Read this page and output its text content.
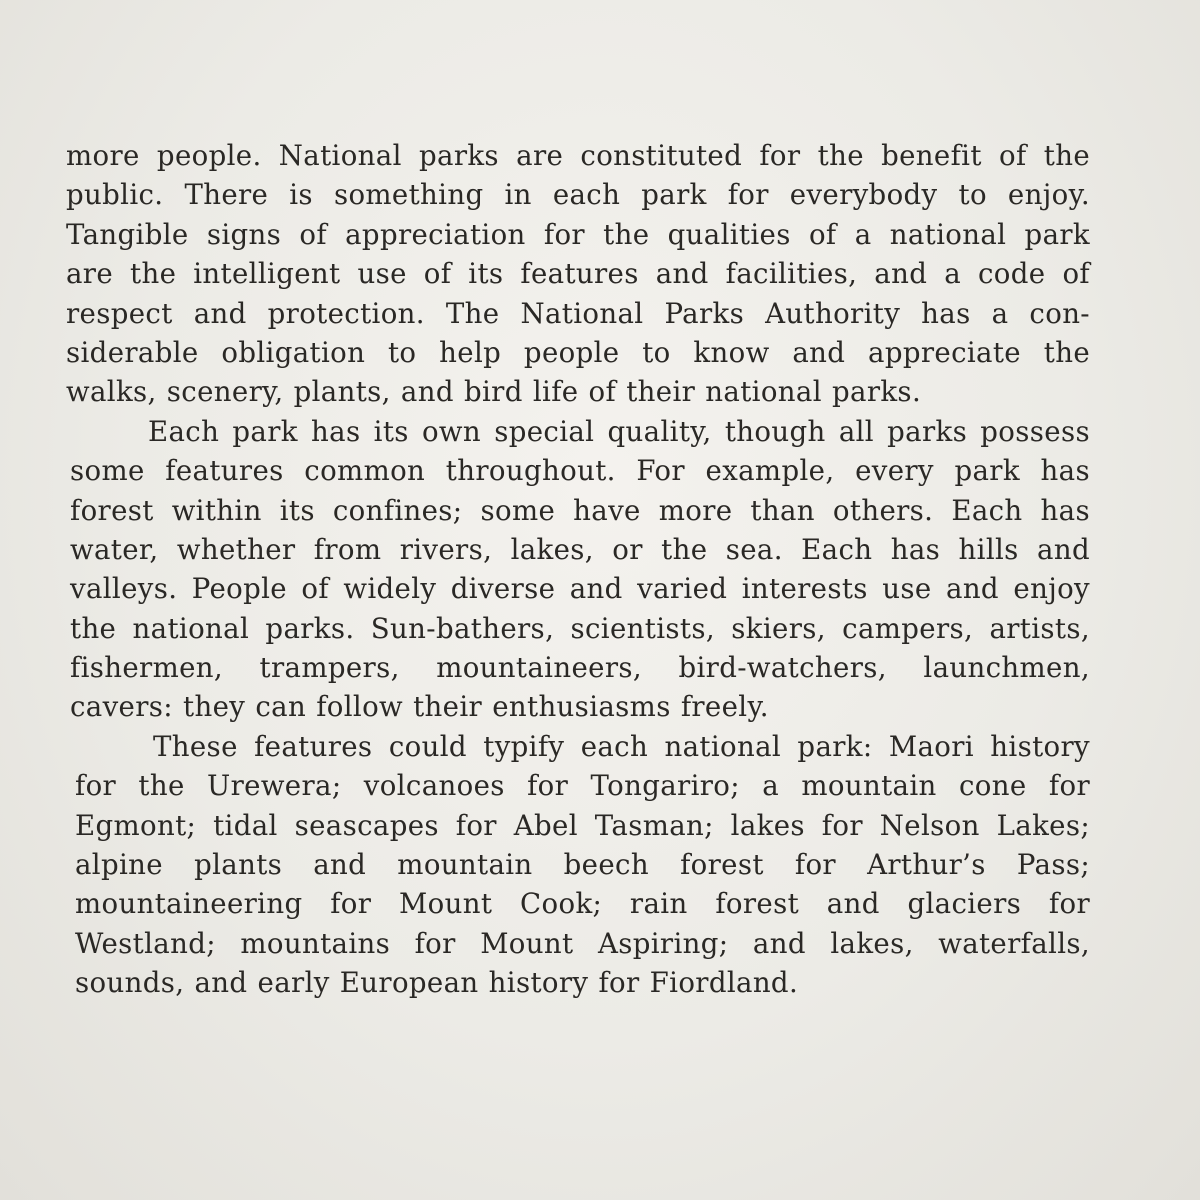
more people. National parks are constituted for the benefit of the
public. There is something in each park for everybody to enjoy.
Tangible signs of appreciation for the qualities of a national park
are the intelligent use of its features and facilities, and a code of
respect and protection. The National Parks Authority has a con-
siderable obligation to help people to know and appreciate the
walks, scenery, plants, and bird life of their national parks.
Each park has its own special quality, though all parks possess
some features common throughout. For example, every park has
forest within its confines; some have more than others. Each has
water, whether from rivers, lakes, or the sea. Each has hills and
valleys. People of widely diverse and varied interests use and enjoy
the national parks. Sun-bathers, scientists, skiers, campers, artists,
fishermen, trampers, mountaineers, bird-watchers, launchmen,
cavers: they can follow their enthusiasms freely.
These features could typify each national park: Maori history
for the Urewera; volcanoes for Tongariro; a mountain cone for
Egmont; tidal seascapes for Abel Tasman; lakes for Nelson Lakes;
alpine plants and mountain beech forest for Arthur’s Pass;
mountaineering for Mount Cook; rain forest and glaciers for
Westland; mountains for Mount Aspiring; and lakes, waterfalls,
sounds, and early European history for Fiordland.
